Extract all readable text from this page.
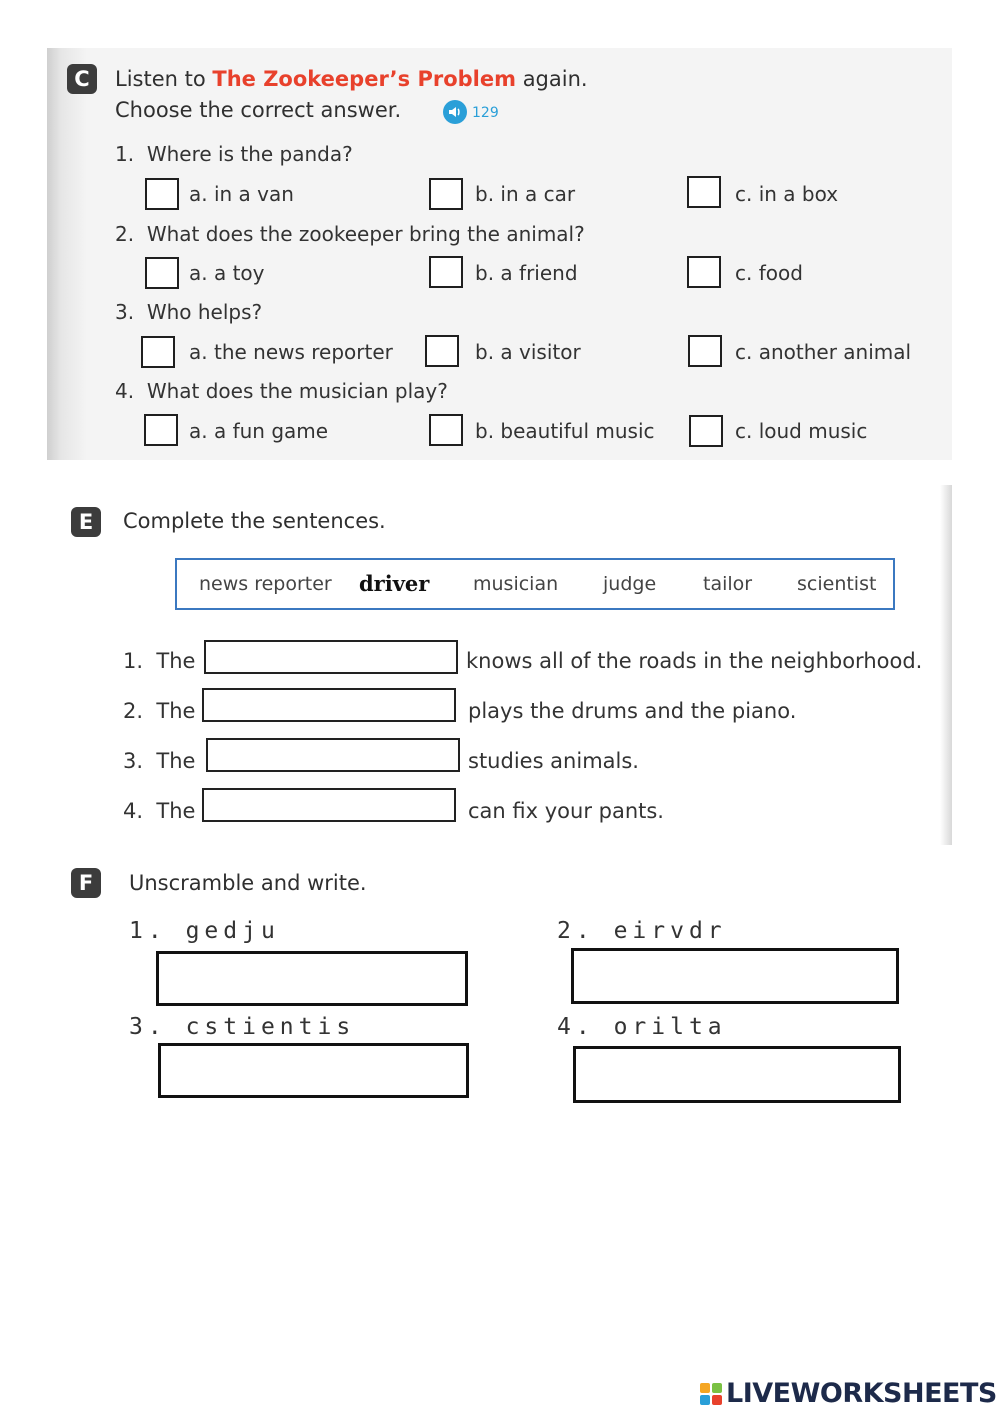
C	Listen to The Zookeeper’s Problem again.
Choose the correct answer.	129
1. Where is the panda?
a. in a van	b. in a car	c. in a box
2. What does the zookeeper bring the animal?
a. a toy	b. a friend	c. food
3. Who helps?
a. the news reporter	b. a visitor	c. another animal
4. What does the musician play?
a. a fun game	b. beautiful music	c. loud music
E	Complete the sentences.
news reporter driver musician judge tailor scientist
1. The	knows all of the roads in the neighborhood.
2. The	plays the drums and the piano.
3. The	studies animals.
4. The	can fix your pants.
F	Unscramble and write.
1. gedju	2. eirvdr
3. cstientis	4. orilta
LIVEWORKSHEETS
